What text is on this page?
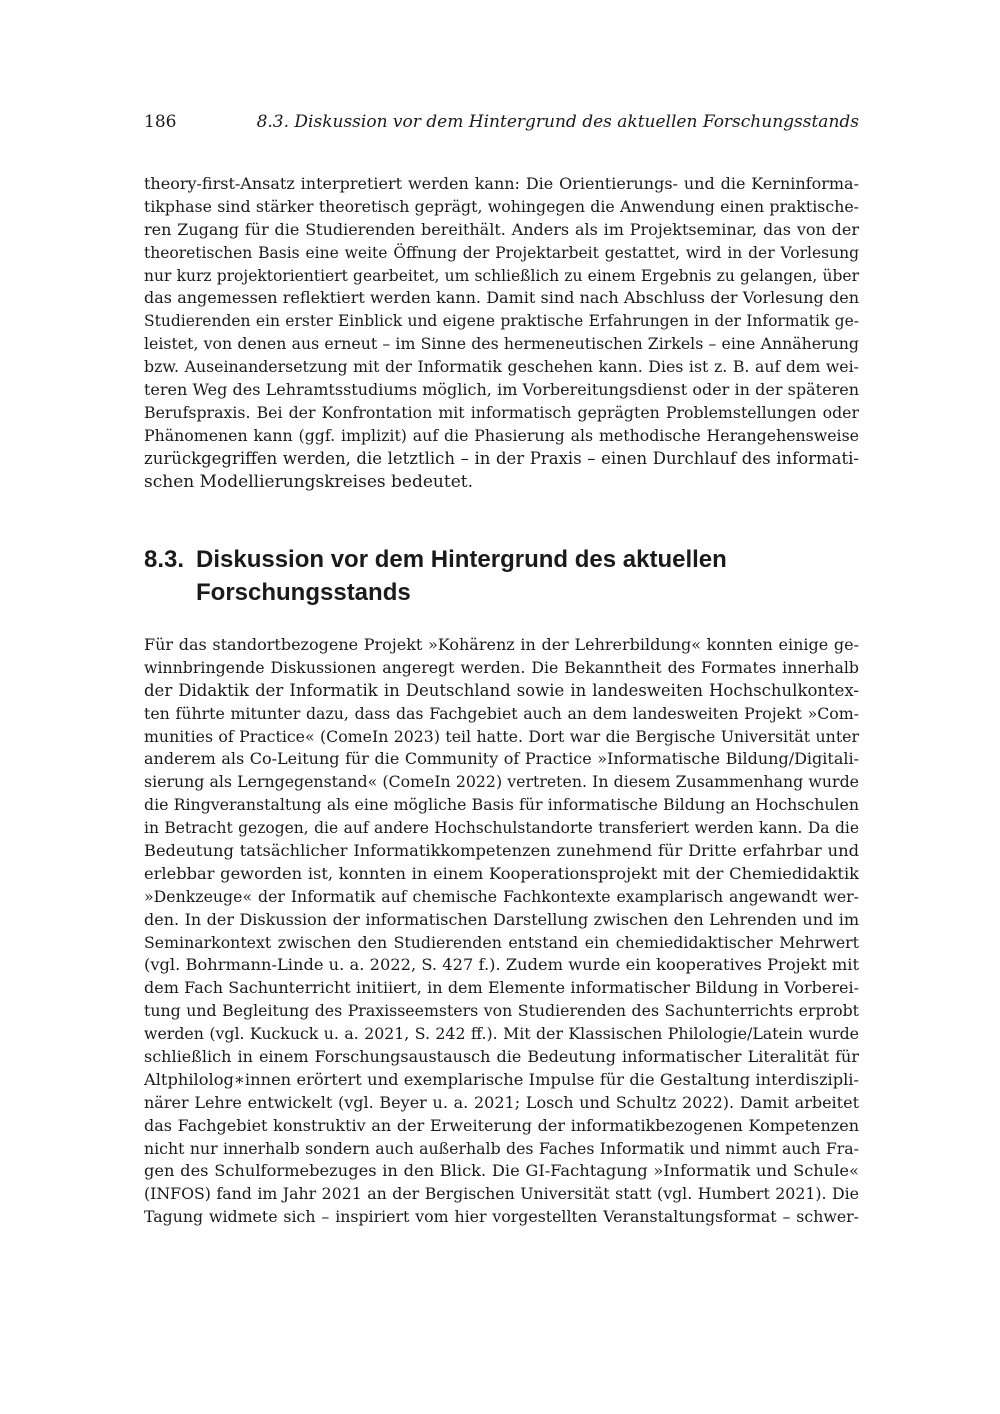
186	8.3. Diskussion vor dem Hintergrund des aktuellen Forschungsstands
theory-first-Ansatz interpretiert werden kann: Die Orientierungs- und die Kerninforma-
tikphase sind stärker theoretisch geprägt, wohingegen die Anwendung einen praktische-
ren Zugang für die Studierenden bereithält. Anders als im Projektseminar, das von der
theoretischen Basis eine weite Öffnung der Projektarbeit gestattet, wird in der Vorlesung
nur kurz projektorientiert gearbeitet, um schließlich zu einem Ergebnis zu gelangen, über
das angemessen reflektiert werden kann. Damit sind nach Abschluss der Vorlesung den
Studierenden ein erster Einblick und eigene praktische Erfahrungen in der Informatik ge-
leistet, von denen aus erneut – im Sinne des hermeneutischen Zirkels – eine Annäherung
bzw. Auseinandersetzung mit der Informatik geschehen kann. Dies ist z. B. auf dem wei-
teren Weg des Lehramtsstudiums möglich, im Vorbereitungsdienst oder in der späteren
Berufspraxis. Bei der Konfrontation mit informatisch geprägten Problemstellungen oder
Phänomenen kann (ggf. implizit) auf die Phasierung als methodische Herangehensweise
zurückgegriffen werden, die letztlich – in der Praxis – einen Durchlauf des informati-
schen Modellierungskreises bedeutet.
8.3. Diskussion vor dem Hintergrund des aktuellen
Forschungsstands
Für das standortbezogene Projekt »Kohärenz in der Lehrerbildung« konnten einige ge-
winnbringende Diskussionen angeregt werden. Die Bekanntheit des Formates innerhalb
der Didaktik der Informatik in Deutschland sowie in landesweiten Hochschulkontex-
ten führte mitunter dazu, dass das Fachgebiet auch an dem landesweiten Projekt »Com-
munities of Practice« (ComeIn 2023) teil hatte. Dort war die Bergische Universität unter
anderem als Co-Leitung für die Community of Practice »Informatische Bildung/Digitali-
sierung als Lerngegenstand« (ComeIn 2022) vertreten. In diesem Zusammenhang wurde
die Ringveranstaltung als eine mögliche Basis für informatische Bildung an Hochschulen
in Betracht gezogen, die auf andere Hochschulstandorte transferiert werden kann. Da die
Bedeutung tatsächlicher Informatikkompetenzen zunehmend für Dritte erfahrbar und
erlebbar geworden ist, konnten in einem Kooperationsprojekt mit der Chemiedidaktik
»Denkzeuge« der Informatik auf chemische Fachkontexte examplarisch angewandt wer-
den. In der Diskussion der informatischen Darstellung zwischen den Lehrenden und im
Seminarkontext zwischen den Studierenden entstand ein chemiedidaktischer Mehrwert
(vgl. Bohrmann-Linde u. a. 2022, S. 427 f.). Zudem wurde ein kooperatives Projekt mit
dem Fach Sachunterricht initiiert, in dem Elemente informatischer Bildung in Vorberei-
tung und Begleitung des Praxisseemsters von Studierenden des Sachunterrichts erprobt
werden (vgl. Kuckuck u. a. 2021, S. 242 ff.). Mit der Klassischen Philologie/Latein wurde
schließlich in einem Forschungsaustausch die Bedeutung informatischer Literalität für
Altphilolog∗innen erörtert und exemplarische Impulse für die Gestaltung interdiszipli-
närer Lehre entwickelt (vgl. Beyer u. a. 2021; Losch und Schultz 2022). Damit arbeitet
das Fachgebiet konstruktiv an der Erweiterung der informatikbezogenen Kompetenzen
nicht nur innerhalb sondern auch außerhalb des Faches Informatik und nimmt auch Fra-
gen des Schulformebezuges in den Blick. Die GI-Fachtagung »Informatik und Schule«
(INFOS) fand im Jahr 2021 an der Bergischen Universität statt (vgl. Humbert 2021). Die
Tagung widmete sich – inspiriert vom hier vorgestellten Veranstaltungsformat – schwer-
